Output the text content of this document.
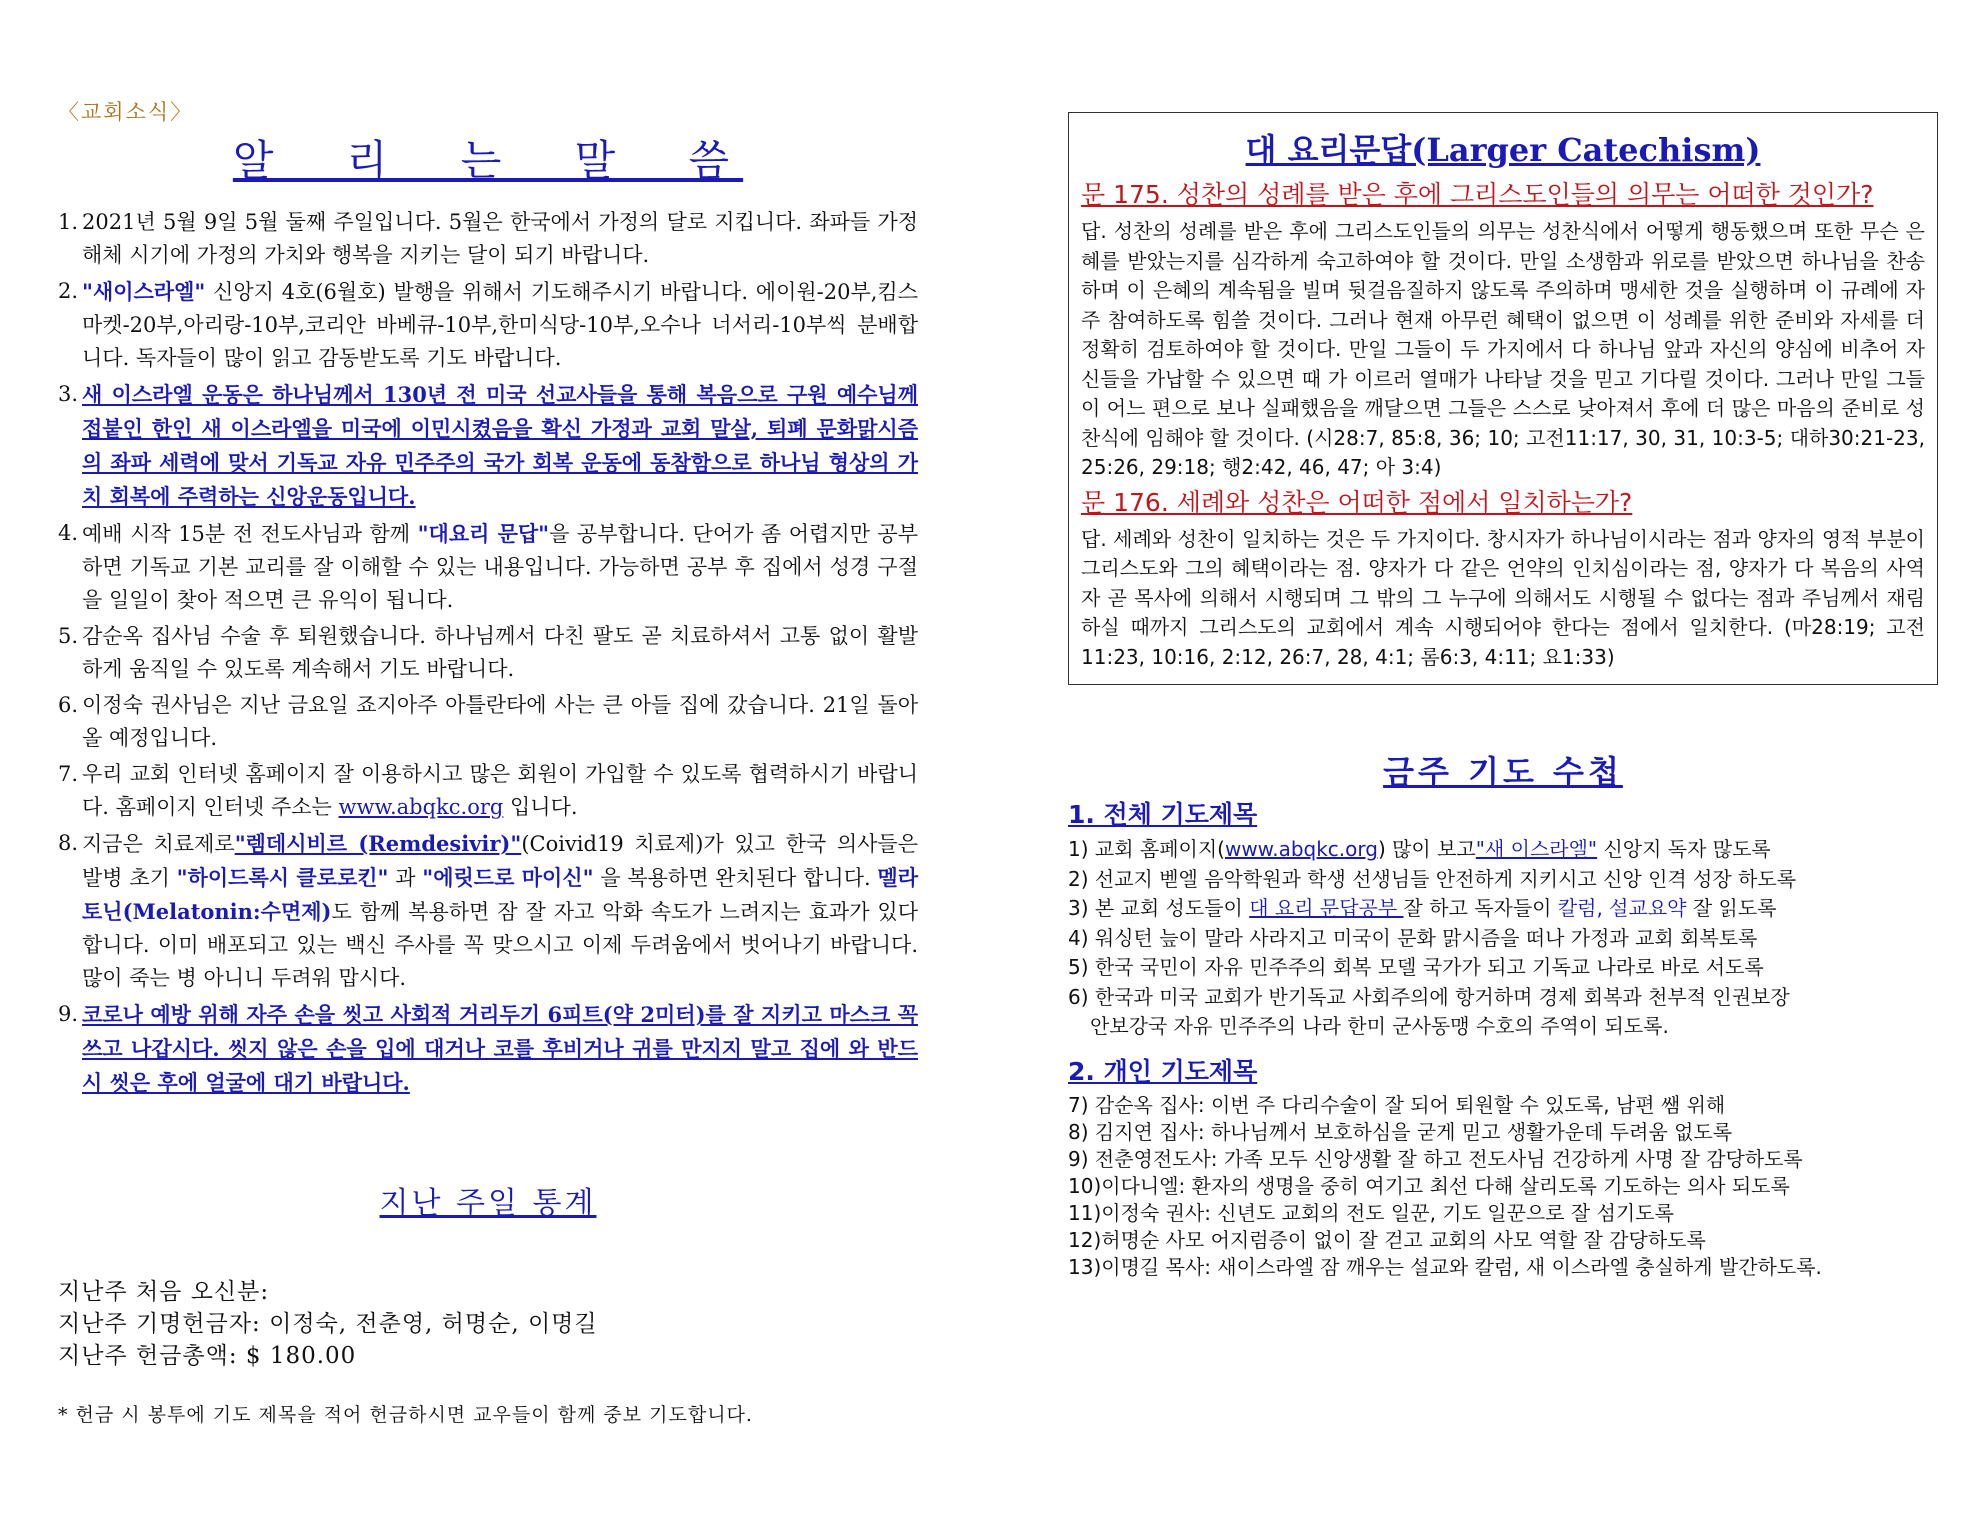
〈교회소식〉
알 리 는 말 씀
1. 2021년 5월 9일 5월 둘째 주일입니다. 5월은 한국에서 가정의 달로 지킵니다. 좌파들 가정해체 시기에 가정의 가치와 행복을 지키는 달이 되기 바랍니다.
2. "새이스라엘" 신앙지 4호(6월호) 발행을 위해서 기도해주시기 바랍니다. 에이원-20부,킴스마켓-20부,아리랑-10부,코리안 바베큐-10부,한미식당-10부,오수나 너서리-10부씩 분배합니다. 독자들이 많이 읽고 감동받도록 기도 바랍니다.
3. 새 이스라엘 운동은 하나님께서 130년 전 미국 선교사들을 통해 복음으로 구원 예수님께 접붙인 한인 새 이스라엘을 미국에 이민시켰음을 확신 가정과 교회 말살, 퇴폐 문화맑시즘의 좌파 세력에 맞서 기독교 자유 민주주의 국가 회복 운동에 동참함으로 하나님 형상의 가치 회복에 주력하는 신앙운동입니다.
4. 예배 시작 15분 전 전도사님과 함께 "대요리 문답"을 공부합니다. 단어가 좀 어렵지만 공부하면 기독교 기본 교리를 잘 이해할 수 있는 내용입니다. 가능하면 공부 후 집에서 성경 구절을 일일이 찾아 적으면 큰 유익이 됩니다.
5. 감순옥 집사님 수술 후 퇴원했습니다. 하나님께서 다친 팔도 곧 치료하셔서 고통 없이 활발하게 움직일 수 있도록 계속해서 기도 바랍니다.
6. 이정숙 권사님은 지난 금요일 죠지아주 아틀란타에 사는 큰 아들 집에 갔습니다. 21일 돌아올 예정입니다.
7. 우리 교회 인터넷 홈페이지 잘 이용하시고 많은 회원이 가입할 수 있도록 협력하시기 바랍니다. 홈페이지 인터넷 주소는 www.abqkc.org 입니다.
8. 지금은 치료제로"렘데시비르 (Remdesivir)"(Coivid19 치료제)가 있고 한국 의사들은 발병 초기 "하이드록시 클로로킨" 과 "에릿드로 마이신" 을 복용하면 완치된다 합니다. 멜라토닌(Melatonin:수면제)도 함께 복용하면 잠 잘 자고 악화 속도가 느려지는 효과가 있다 합니다. 이미 배포되고 있는 백신 주사를 꼭 맞으시고 이제 두려움에서 벗어나기 바랍니다. 많이 죽는 병 아니니 두려워 맙시다.
9. 코로나 예방 위해 자주 손을 씻고 사회적 거리두기 6피트(약 2미터)를 잘 지키고 마스크 꼭 쓰고 나갑시다. 씻지 않은 손을 입에 대거나 코를 후비거나 귀를 만지지 말고 집에 와 반드시 씻은 후에 얼굴에 대기 바랍니다.
지난 주일 통계
지난주 처음 오신분:
지난주 기명헌금자: 이정숙, 전춘영, 허명순, 이명길
지난주 헌금총액: $ 180.00
* 헌금 시 봉투에 기도 제목을 적어 헌금하시면 교우들이 함께 중보 기도합니다.
대 요리문답(Larger Catechism)
문 175. 성찬의 성례를 받은 후에 그리스도인들의 의무는 어떠한 것인가?
답. 성찬의 성례를 받은 후에 그리스도인들의 의무는 성찬식에서 어떻게 행동했으며 또한 무슨 은혜를 받았는지를 심각하게 숙고하여야 할 것이다. 만일 소생함과 위로를 받았으면 하나님을 찬송하며 이 은혜의 계속됨을 빌며 뒷걸음질하지 않도록 주의하며 맹세한 것을 실행하며 이 규례에 자주 참여하도록 힘쓸 것이다. 그러나 현재 아무런 혜택이 없으면 이 성례를 위한 준비와 자세를 더 정확히 검토하여야 할 것이다. 만일 그들이 두 가지에서 다 하나님 앞과 자신의 양심에 비추어 자신들을 가납할 수 있으면 때 가 이르러 열매가 나타날 것을 믿고 기다릴 것이다. 그러나 만일 그들이 어느 편으로 보나 실패했음을 깨달으면 그들은 스스로 낮아져서 후에 더 많은 마음의 준비로 성찬식에 임해야 할 것이다. (시28:7, 85:8, 36; 10; 고전11:17, 30, 31, 10:3-5; 대하30:21-23, 25:26, 29:18; 행2:42, 46, 47; 아 3:4)
문 176. 세례와 성찬은 어떠한 점에서 일치하는가?
답. 세례와 성찬이 일치하는 것은 두 가지이다. 창시자가 하나님이시라는 점과 양자의 영적 부분이 그리스도와 그의 혜택이라는 점. 양자가 다 같은 언약의 인치심이라는 점, 양자가 다 복음의 사역자 곧 목사에 의해서 시행되며 그 밖의 그 누구에 의해서도 시행될 수 없다는 점과 주님께서 재림하실 때까지 그리스도의 교회에서 계속 시행되어야 한다는 점에서 일치한다. (마28:19; 고전11:23, 10:16, 2:12, 26:7, 28, 4:1; 롬6:3, 4:11; 요1:33)
금주 기도 수첩
1. 전체 기도제목
1) 교회 홈페이지(www.abqkc.org) 많이 보고"새 이스라엘" 신앙지 독자 많도록
2) 선교지 벧엘 음악학원과 학생 선생님들 안전하게 지키시고 신앙 인격 성장 하도록
3) 본 교회 성도들이 대 요리 문답공부 잘 하고 독자들이 칼럼, 설교요약 잘 읽도록
4) 워싱턴 늪이 말라 사라지고 미국이 문화 맑시즘을 떠나 가정과 교회 회복토록
5) 한국 국민이 자유 민주주의 회복 모델 국가가 되고 기독교 나라로 바로 서도록
6) 한국과 미국 교회가 반기독교 사회주의에 항거하며 경제 회복과 천부적 인권보장
안보강국 자유 민주주의 나라 한미 군사동맹 수호의 주역이 되도록.
2. 개인 기도제목
7) 감순옥 집사: 이번 주 다리수술이 잘 되어 퇴원할 수 있도록, 남편 쌤 위해
8) 김지연 집사: 하나님께서 보호하심을 굳게 믿고 생활가운데 두려움 없도록
9) 전춘영전도사: 가족 모두 신앙생활 잘 하고 전도사님 건강하게 사명 잘 감당하도록
10)이다니엘: 환자의 생명을 중히 여기고 최선 다해 살리도록 기도하는 의사 되도록
11)이정숙 권사: 신년도 교회의 전도 일꾼, 기도 일꾼으로 잘 섬기도록
12)허명순 사모 어지럼증이 없이 잘 걷고 교회의 사모 역할 잘 감당하도록
13)이명길 목사: 새이스라엘 잠 깨우는 설교와 칼럼, 새 이스라엘 충실하게 발간하도록.
